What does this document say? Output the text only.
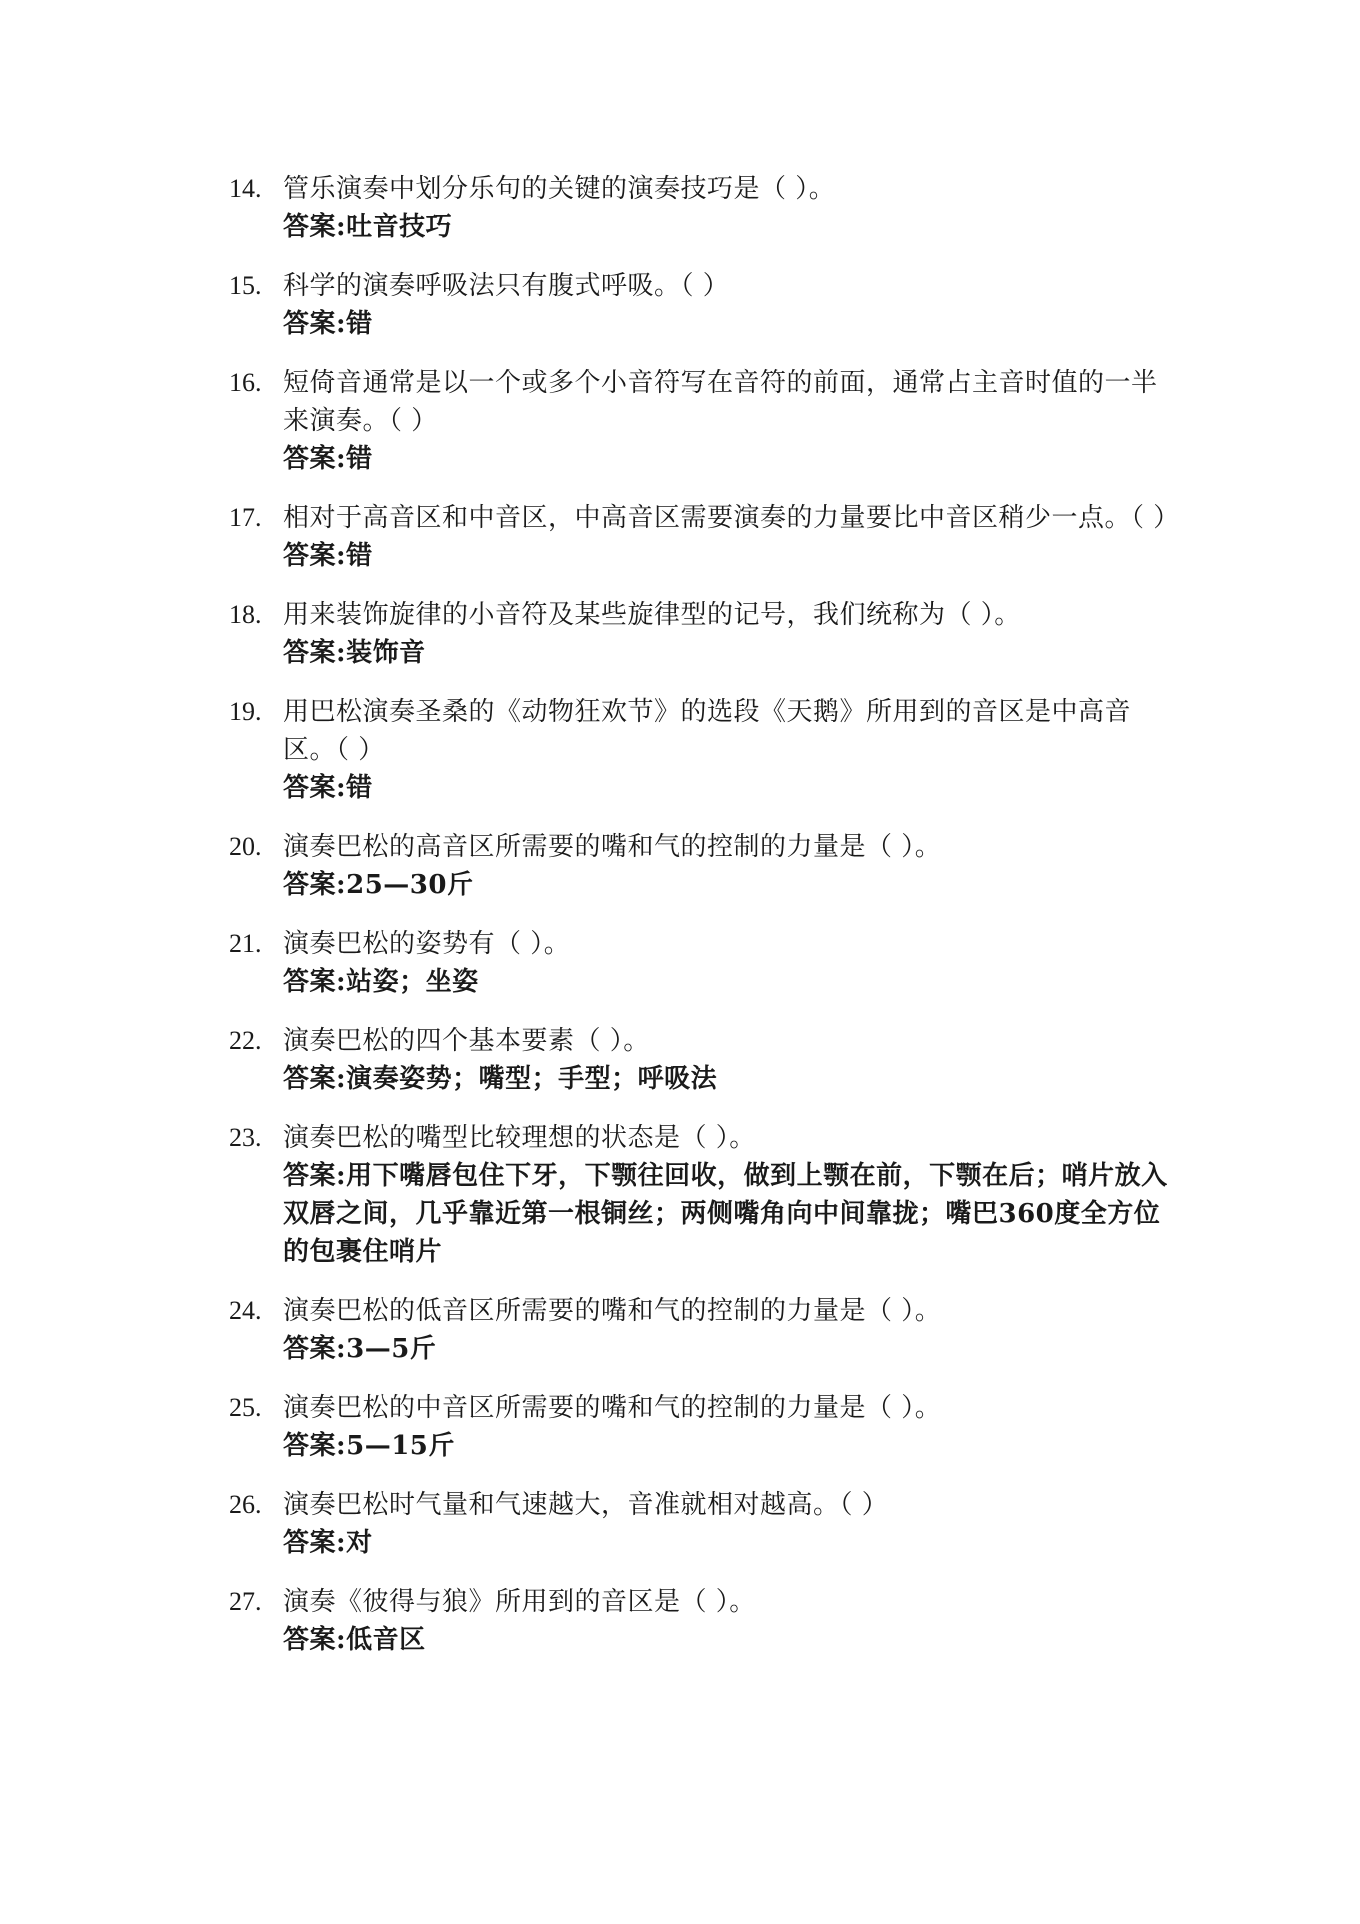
14. 管乐演奏中划分乐句的关键的演奏技巧是（ ）。
答案:吐音技巧
15. 科学的演奏呼吸法只有腹式呼吸。（ ）
答案:错
16. 短倚音通常是以一个或多个小音符写在音符的前面，通常占主音时值的一半来演奏。（ ）
答案:错
17. 相对于高音区和中音区，中高音区需要演奏的力量要比中音区稍少一点。（ ）
答案:错
18. 用来装饰旋律的小音符及某些旋律型的记号，我们统称为（ ）。
答案:装饰音
19. 用巴松演奏圣桑的《动物狂欢节》的选段《天鹅》所用到的音区是中高音区。（ ）
答案:错
20. 演奏巴松的高音区所需要的嘴和气的控制的力量是（ ）。
答案:25—30斤
21. 演奏巴松的姿势有（ ）。
答案:站姿；坐姿
22. 演奏巴松的四个基本要素（ ）。
答案:演奏姿势；嘴型；手型；呼吸法
23. 演奏巴松的嘴型比较理想的状态是（ ）。
答案:用下嘴唇包住下牙，下颚往回收，做到上颚在前，下颚在后；哨片放入双唇之间，几乎靠近第一根铜丝；两侧嘴角向中间靠拢；嘴巴360度全方位的包裹住哨片
24. 演奏巴松的低音区所需要的嘴和气的控制的力量是（ ）。
答案:3—5斤
25. 演奏巴松的中音区所需要的嘴和气的控制的力量是（ ）。
答案:5—15斤
26. 演奏巴松时气量和气速越大，音准就相对越高。（ ）
答案:对
27. 演奏《彼得与狼》所用到的音区是（ ）。
答案:低音区
